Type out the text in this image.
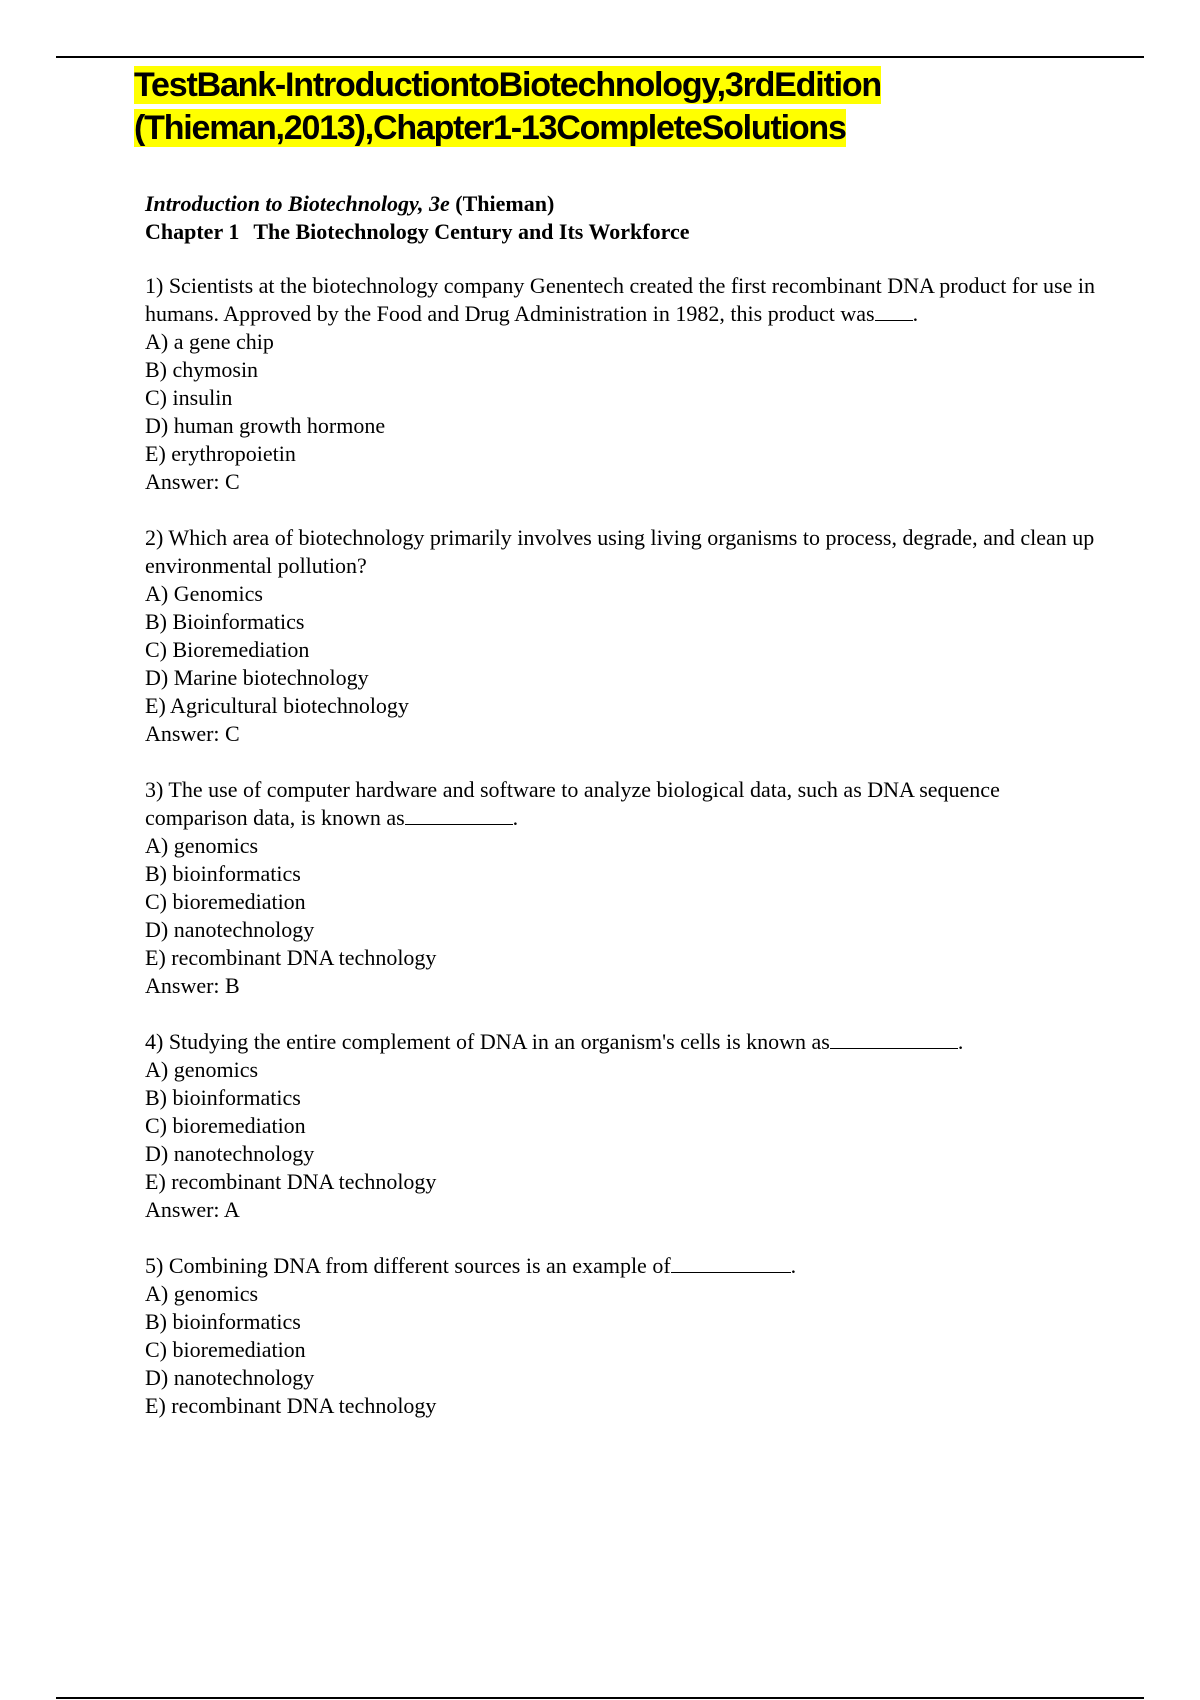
TestBank-IntroductiontoBiotechnology,3rdEdition (Thieman,2013),Chapter1-13CompleteSolutions

Introduction to Biotechnology, 3e (Thieman)

Chapter 1 The Biotechnology Century and Its Workforce

1) Scientists at the biotechnology company Genentech created the first recombinant DNA product for use in humans. Approved by the Food and Drug Administration in 1982, this product was .

A) a gene chip
B) chymosin
C) insulin
D) human growth hormone
E) erythropoietin

Answer: C

2) Which area of biotechnology primarily involves using living organisms to process, degrade, and clean up environmental pollution?

A) Genomics
B) Bioinformatics
C) Bioremediation
D) Marine biotechnology
E) Agricultural biotechnology

Answer: C

3) The use of computer hardware and software to analyze biological data, such as DNA sequence comparison data, is known as	.

A) genomics
B) bioinformatics
C) bioremediation
D) nanotechnology
E) recombinant DNA technology

Answer: B

4) Studying the entire complement of DNA in an organism's cells is known as	.

A) genomics
B) bioinformatics
C) bioremediation
D) nanotechnology
E) recombinant DNA technology

Answer: A

5) Combining DNA from different sources is an example of	.

A) genomics
B) bioinformatics
C) bioremediation
D) nanotechnology
E) recombinant DNA technology
